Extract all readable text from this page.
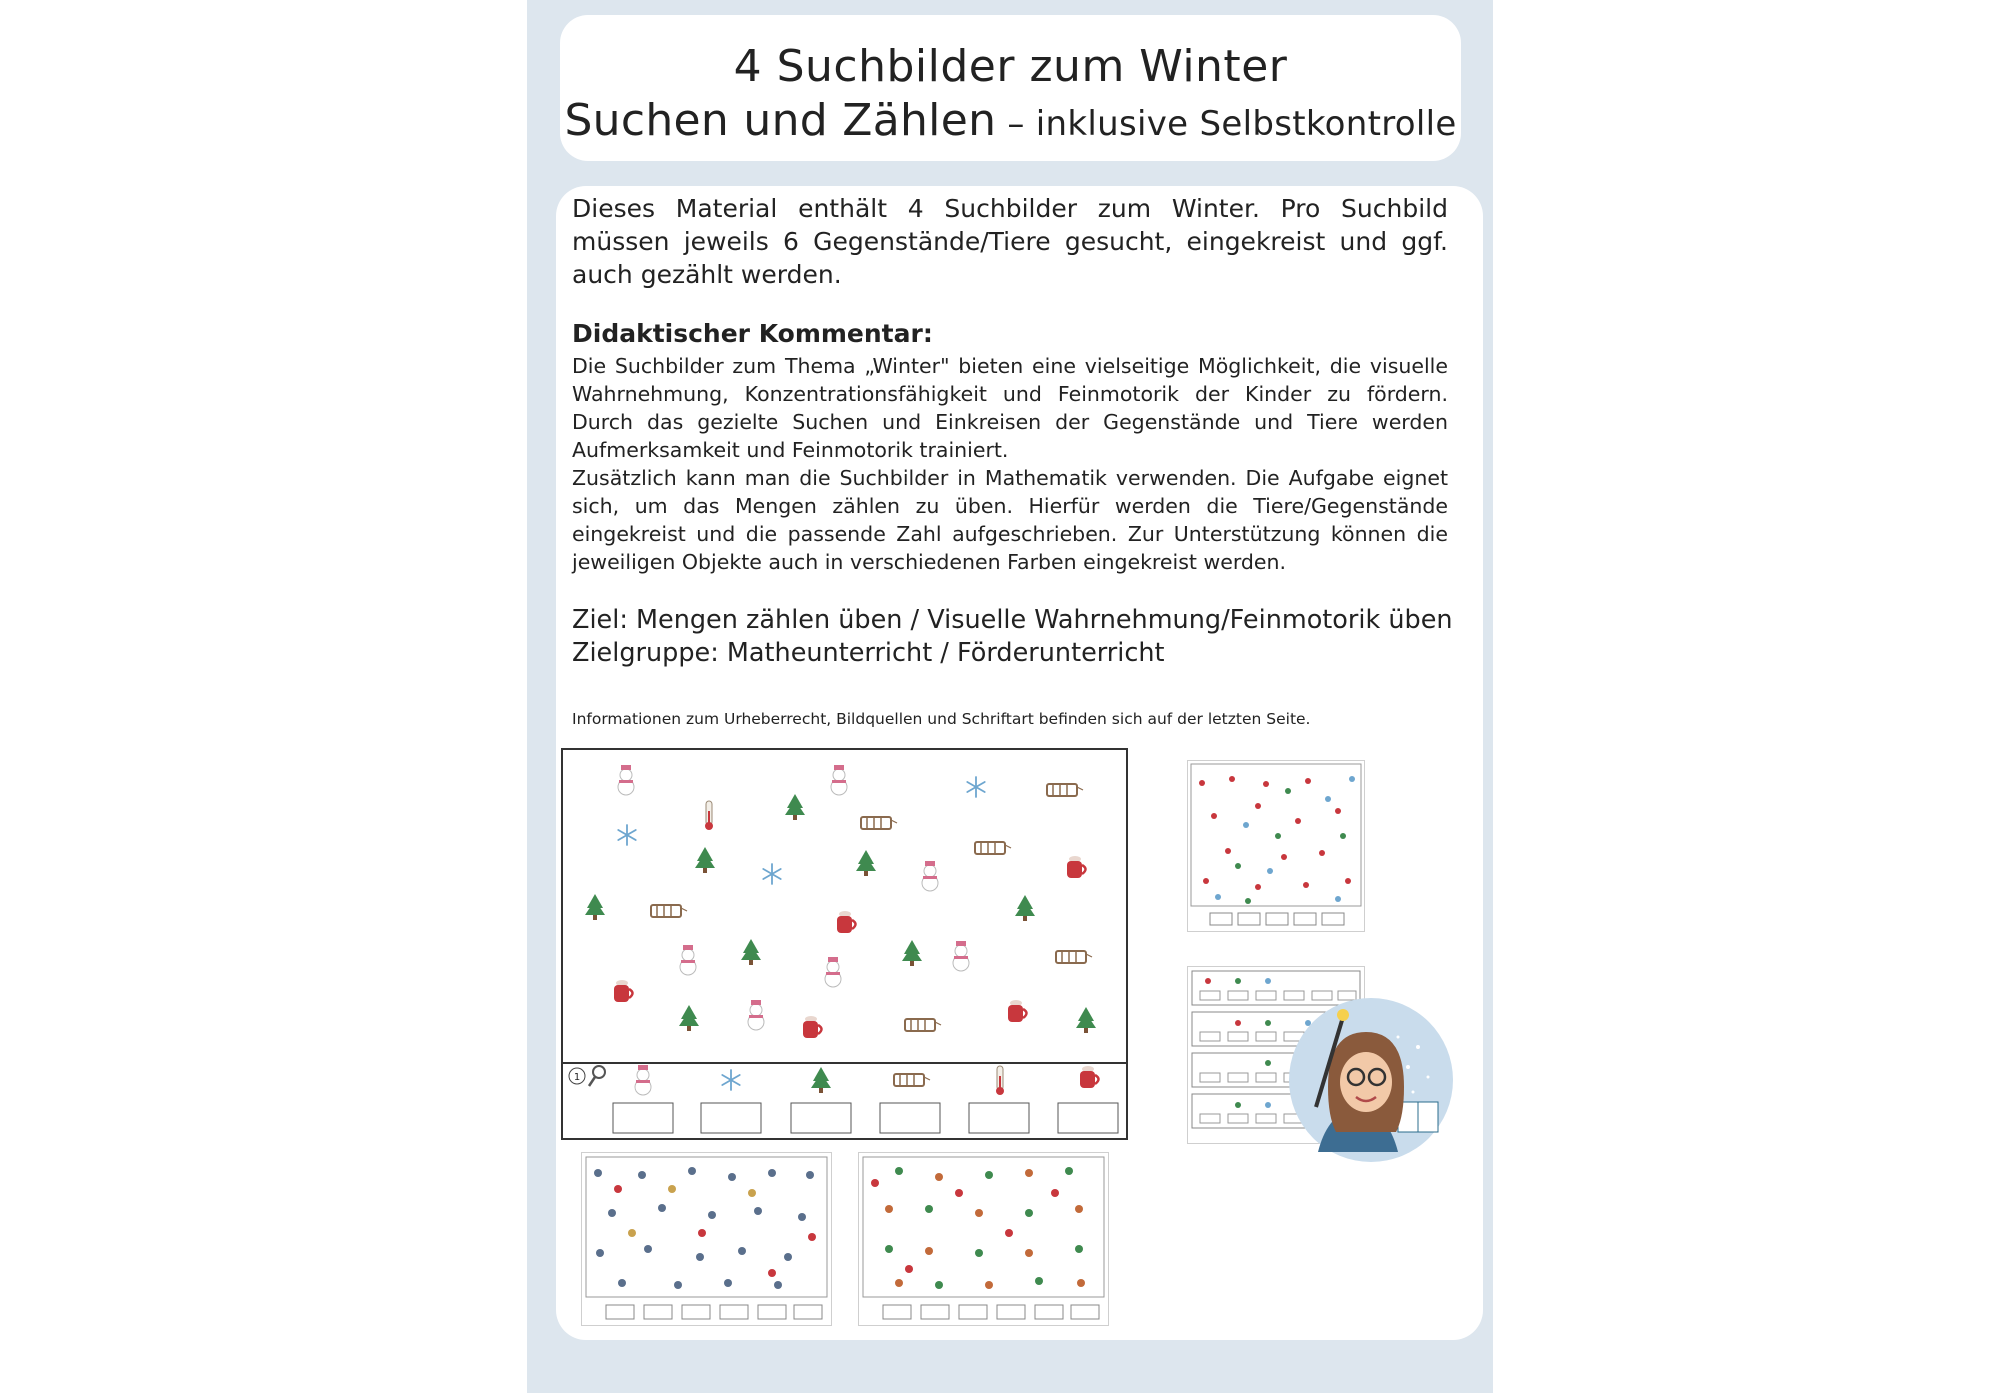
4 Suchbilder zum Winter
Suchen und Zählen – inklusive Selbstkontrolle
Dieses Material enthält 4 Suchbilder zum Winter. Pro Suchbild müssen jeweils 6 Gegenstände/Tiere gesucht, eingekreist und ggf. auch gezählt werden.
Didaktischer Kommentar:

Die Suchbilder zum Thema „Winter" bieten eine vielseitige Möglichkeit, die visuelle Wahrnehmung, Konzentrationsfähigkeit und Feinmotorik der Kinder zu fördern. Durch das gezielte Suchen und Einkreisen der Gegenstände und Tiere werden Aufmerksamkeit und Feinmotorik trainiert.

Zusätzlich kann man die Suchbilder in Mathematik verwenden. Die Aufgabe eignet sich, um das Mengen zählen zu üben. Hierfür werden die Tiere/Gegenstände eingekreist und die passende Zahl aufgeschrieben. Zur Unterstützung können die jeweiligen Objekte auch in verschiedenen Farben eingekreist werden.

Ziel: Mengen zählen üben / Visuelle Wahrnehmung/Feinmotorik üben
Zielgruppe: Matheunterricht / Förderunterricht
Informationen zum Urheberrecht, Bildquellen und Schriftart befinden sich auf der letzten Seite.
1
